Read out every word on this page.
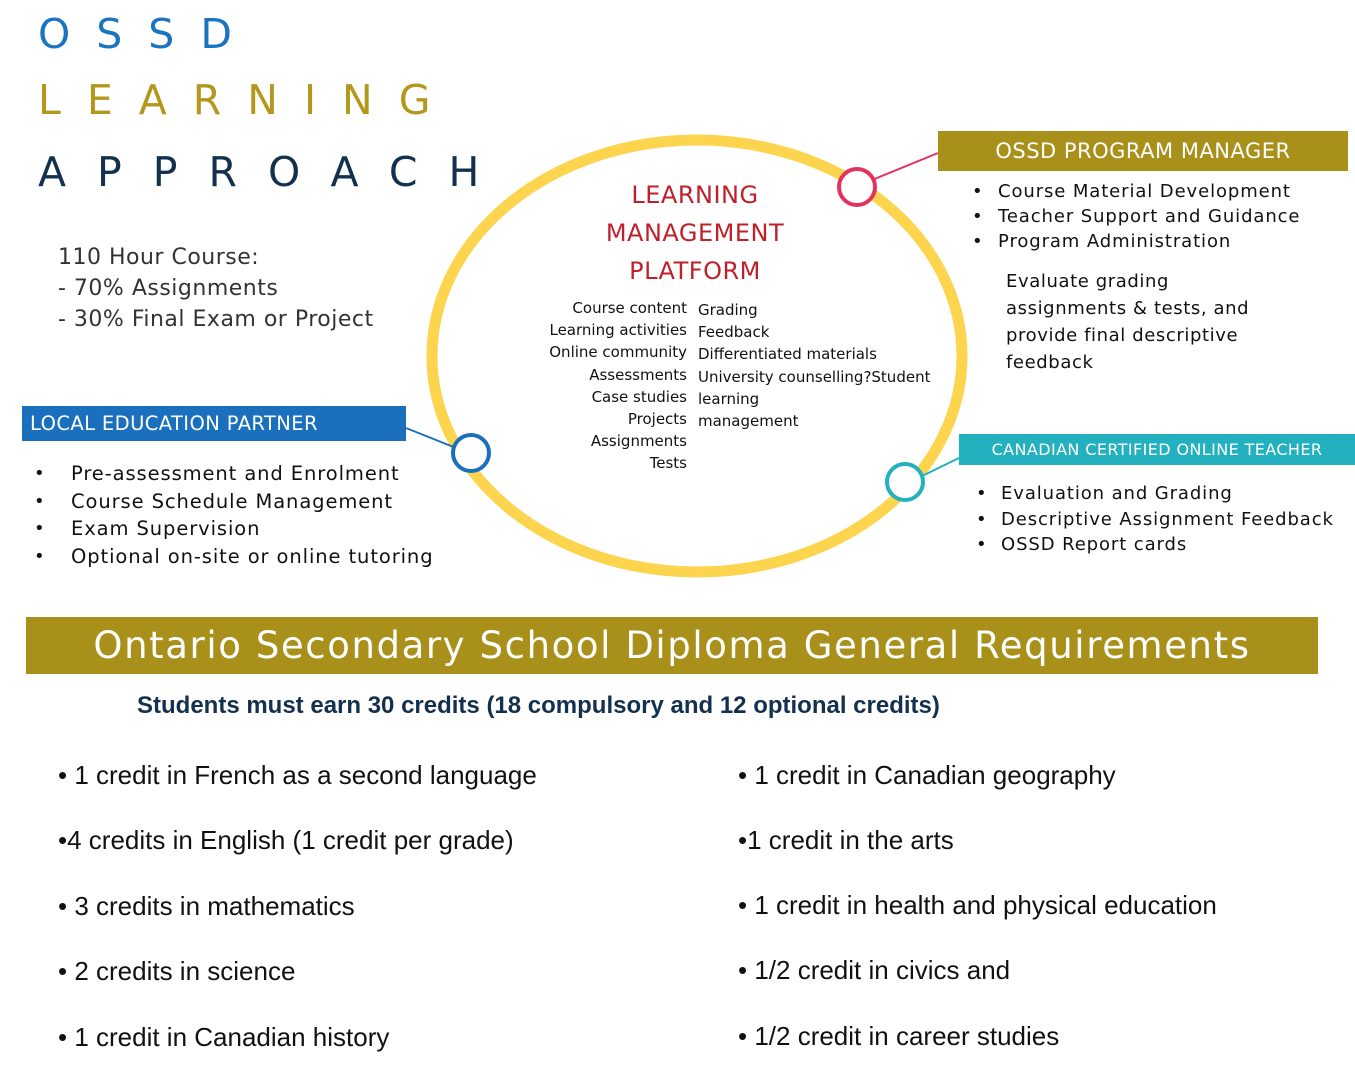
OSSD
LEARNING
APPROACH
110 Hour Course:
- 70% Assignments
- 30% Final Exam or Project
LEARNING
MANAGEMENT
PLATFORM
Course content
Learning activities
Online community
Assessments
Case studies
Projects
Assignments
Tests
Grading
Feedback
Differentiated materials
University counselling?Student
learning
management
OSSD PROGRAM MANAGER
• Course Material Development
• Teacher Support and Guidance
• Program Administration
Evaluate grading
assignments & tests, and
provide final descriptive
feedback
LOCAL EDUCATION PARTNER
• Pre-assessment and Enrolment
• Course Schedule Management
• Exam Supervision
• Optional on-site or online tutoring
CANADIAN CERTIFIED ONLINE TEACHER
• Evaluation and Grading
• Descriptive Assignment Feedback
• OSSD Report cards
Ontario Secondary School Diploma General Requirements
Students must earn 30 credits (18 compulsory and 12 optional credits)
• 1 credit in French as a second language
•4 credits in English (1 credit per grade)
• 3 credits in mathematics
• 2 credits in science
• 1 credit in Canadian history
• 1 credit in Canadian geography
•1 credit in the arts
• 1 credit in health and physical education
• 1/2 credit in civics and
• 1/2 credit in career studies
